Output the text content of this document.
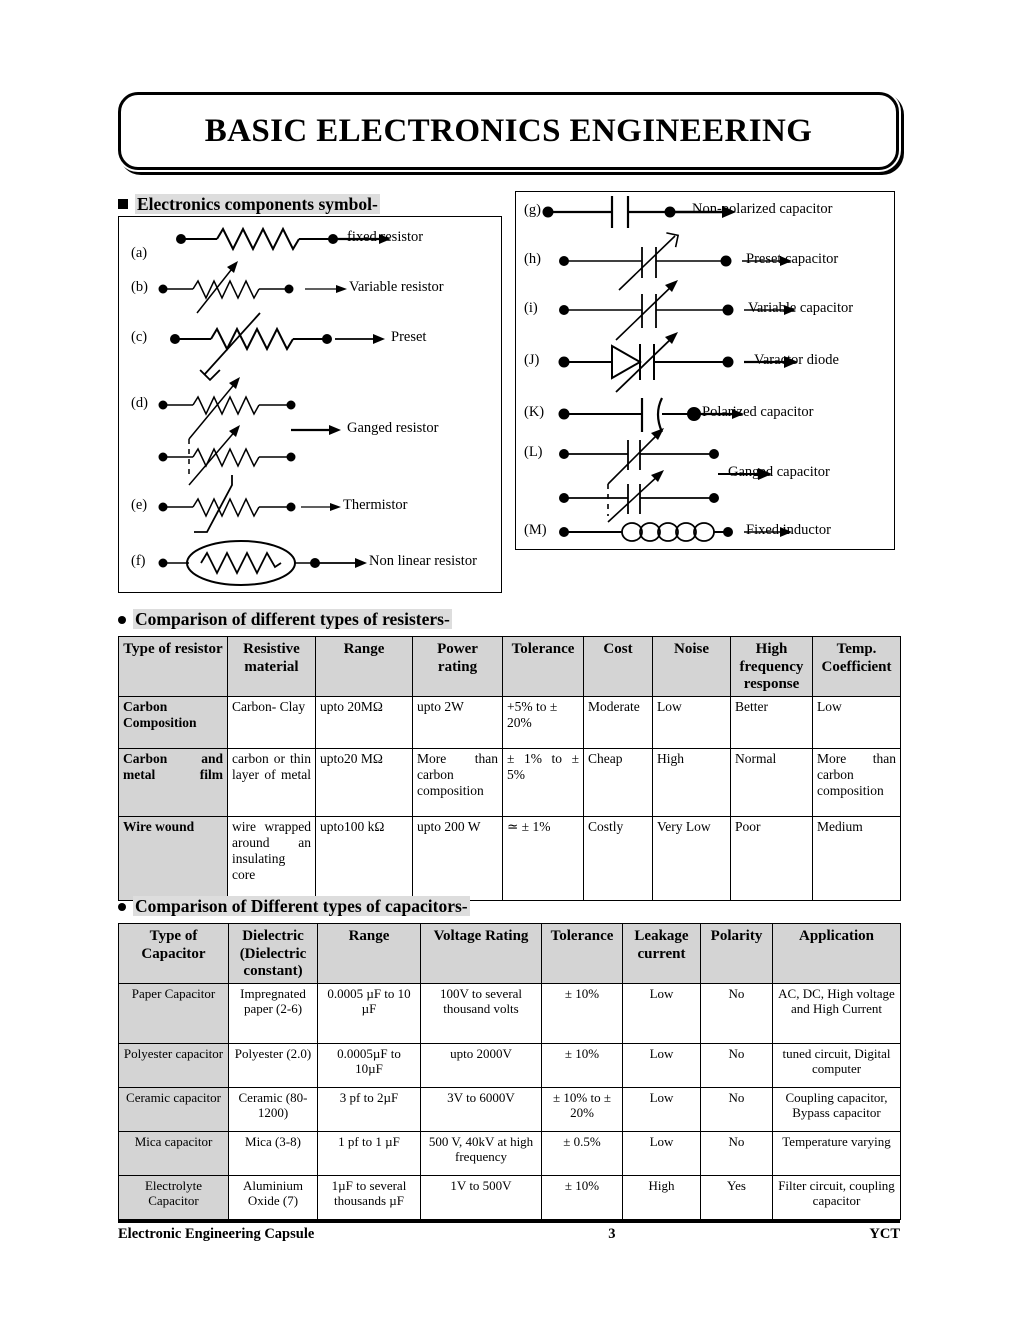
BASIC ELECTRONICS ENGINEERING
Electronics components symbol-
(a)
(b)
(c)
(d)
(e)
(f)
fixed resistor
Variable resistor
Preset
Ganged resistor
Thermistor
Non linear resistor
(g)
(h)
(i)
(J)
(K)
(L)
(M)
Non-polarized capacitor
Preset capacitor
Variable capacitor
Varactor diode
Polarized capacitor
Ganged capacitor
Fixed inductor
Comparison of different types of resisters-
Type of resistor	Resistive material	Range	Power rating	Tolerance	Cost	Noise	High frequency response	Temp. Coefficient
Carbon Composition	Carbon- Clay	upto 20MΩ	upto 2W	+5% to ± 20%	Moderate	Low	Better	Low
Carbon and metal film	carbon or thin layer of metal	upto20 MΩ	More than carbon composition	± 1% to ± 5%	Cheap	High	Normal	More than carbon composition
Wire wound	wire wrapped around an insulating core	upto100 kΩ	upto 200 W	≃ ± 1%	Costly	Very Low	Poor	Medium
Comparison of Different types of capacitors-
Type of Capacitor	Dielectric (Dielectric constant)	Range	Voltage Rating	Tolerance	Leakage current	Polarity	Application
Paper Capacitor	Impregnated paper (2-6)	0.0005 µF to 10 µF	100V to several thousand volts	± 10%	Low	No	AC, DC, High voltage and High Current
Polyester capacitor	Polyester (2.0)	0.0005µF to 10µF	upto 2000V	± 10%	Low	No	tuned circuit, Digital computer
Ceramic capacitor	Ceramic (80-1200)	3 pf to 2µF	3V to 6000V	± 10% to ± 20%	Low	No	Coupling capacitor, Bypass capacitor
Mica capacitor	Mica (3-8)	1 pf to 1 µF	500 V, 40kV at high frequency	± 0.5%	Low	No	Temperature varying
Electrolyte Capacitor	Aluminium Oxide (7)	1µF to several thousands µF	1V to 500V	± 10%	High	Yes	Filter circuit, coupling capacitor
Electronic Engineering Capsule	3	YCT
